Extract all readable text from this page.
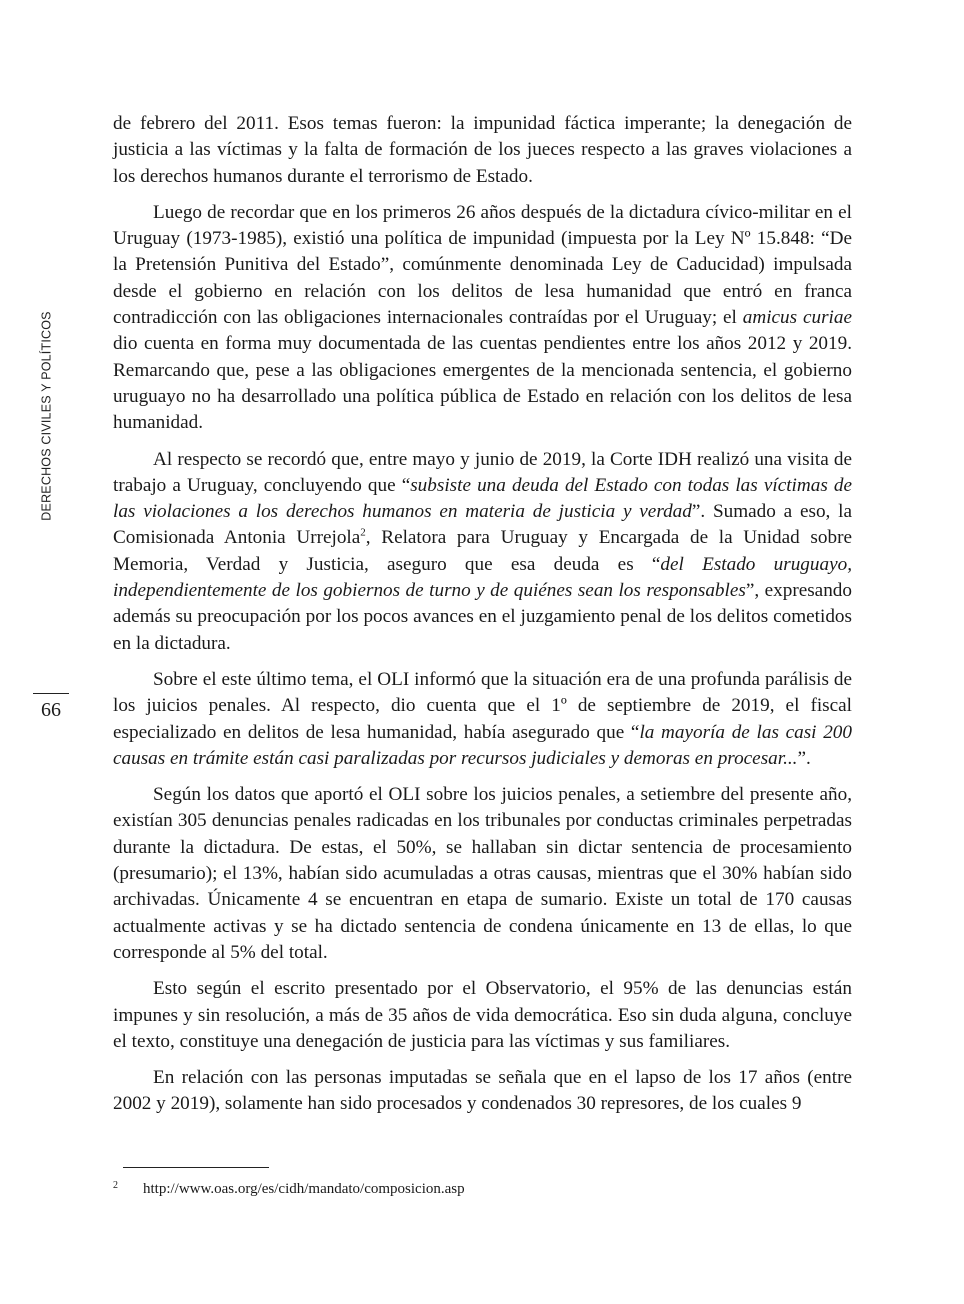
DERECHOS CIVILES Y POLÍTICOS
66

de febrero del 2011. Esos temas fueron: la impunidad fáctica imperante; la denegación de justicia a las víctimas y la falta de formación de los jueces respecto a las graves violaciones a los derechos humanos durante el terrorismo de Estado.

Luego de recordar que en los primeros 26 años después de la dictadura cívico-militar en el Uruguay (1973-1985), existió una política de impunidad (impuesta por la Ley Nº 15.848: “De la Pretensión Punitiva del Estado”, comúnmente denominada Ley de Caducidad) impulsada desde el gobierno en relación con los delitos de lesa humanidad que entró en franca contradicción con las obligaciones internacionales contraídas por el Uruguay; el amicus curiae dio cuenta en forma muy documentada de las cuentas pendientes entre los años 2012 y 2019. Remarcando que, pese a las obligaciones emergentes de la mencionada sentencia, el gobierno uruguayo no ha desarrollado una política pública de Estado en relación con los delitos de lesa humanidad.

Al respecto se recordó que, entre mayo y junio de 2019, la Corte IDH realizó una visita de trabajo a Uruguay, concluyendo que “subsiste una deuda del Estado con todas las víctimas de las violaciones a los derechos humanos en materia de justicia y verdad”. Sumado a eso, la Comisionada Antonia Urrejola$^2$, Relatora para Uruguay y Encargada de la Unidad sobre Memoria, Verdad y Justicia, aseguro que esa deuda es “del Estado uruguayo, independientemente de los gobiernos de turno y de quiénes sean los responsables”, expresando además su preocupación por los pocos avances en el juzgamiento penal de los delitos cometidos en la dictadura.

Sobre el este último tema, el OLI informó que la situación era de una profunda parálisis de los juicios penales. Al respecto, dio cuenta que el 1º de septiembre de 2019, el fiscal especializado en delitos de lesa humanidad, había asegurado que “la mayoría de las casi 200 causas en trámite están casi paralizadas por recursos judiciales y demoras en procesar...”.

Según los datos que aportó el OLI sobre los juicios penales, a setiembre del presente año, existían 305 denuncias penales radicadas en los tribunales por conductas criminales perpetradas durante la dictadura. De estas, el 50%, se hallaban sin dictar sentencia de procesamiento (presumario); el 13%, habían sido acumuladas a otras causas, mientras que el 30% habían sido archivadas. Únicamente 4 se encuentran en etapa de sumario. Existe un total de 170 causas actualmente activas y se ha dictado sentencia de condena únicamente en 13 de ellas, lo que corresponde al 5% del total.

Esto según el escrito presentado por el Observatorio, el 95% de las denuncias están impunes y sin resolución, a más de 35 años de vida democrática. Eso sin duda alguna, concluye el texto, constituye una denegación de justicia para las víctimas y sus familiares.

En relación con las personas imputadas se señala que en el lapso de los 17 años (entre 2002 y 2019), solamente han sido procesados y condenados 30 represores, de los cuales 9

2 http://www.oas.org/es/cidh/mandato/composicion.asp
